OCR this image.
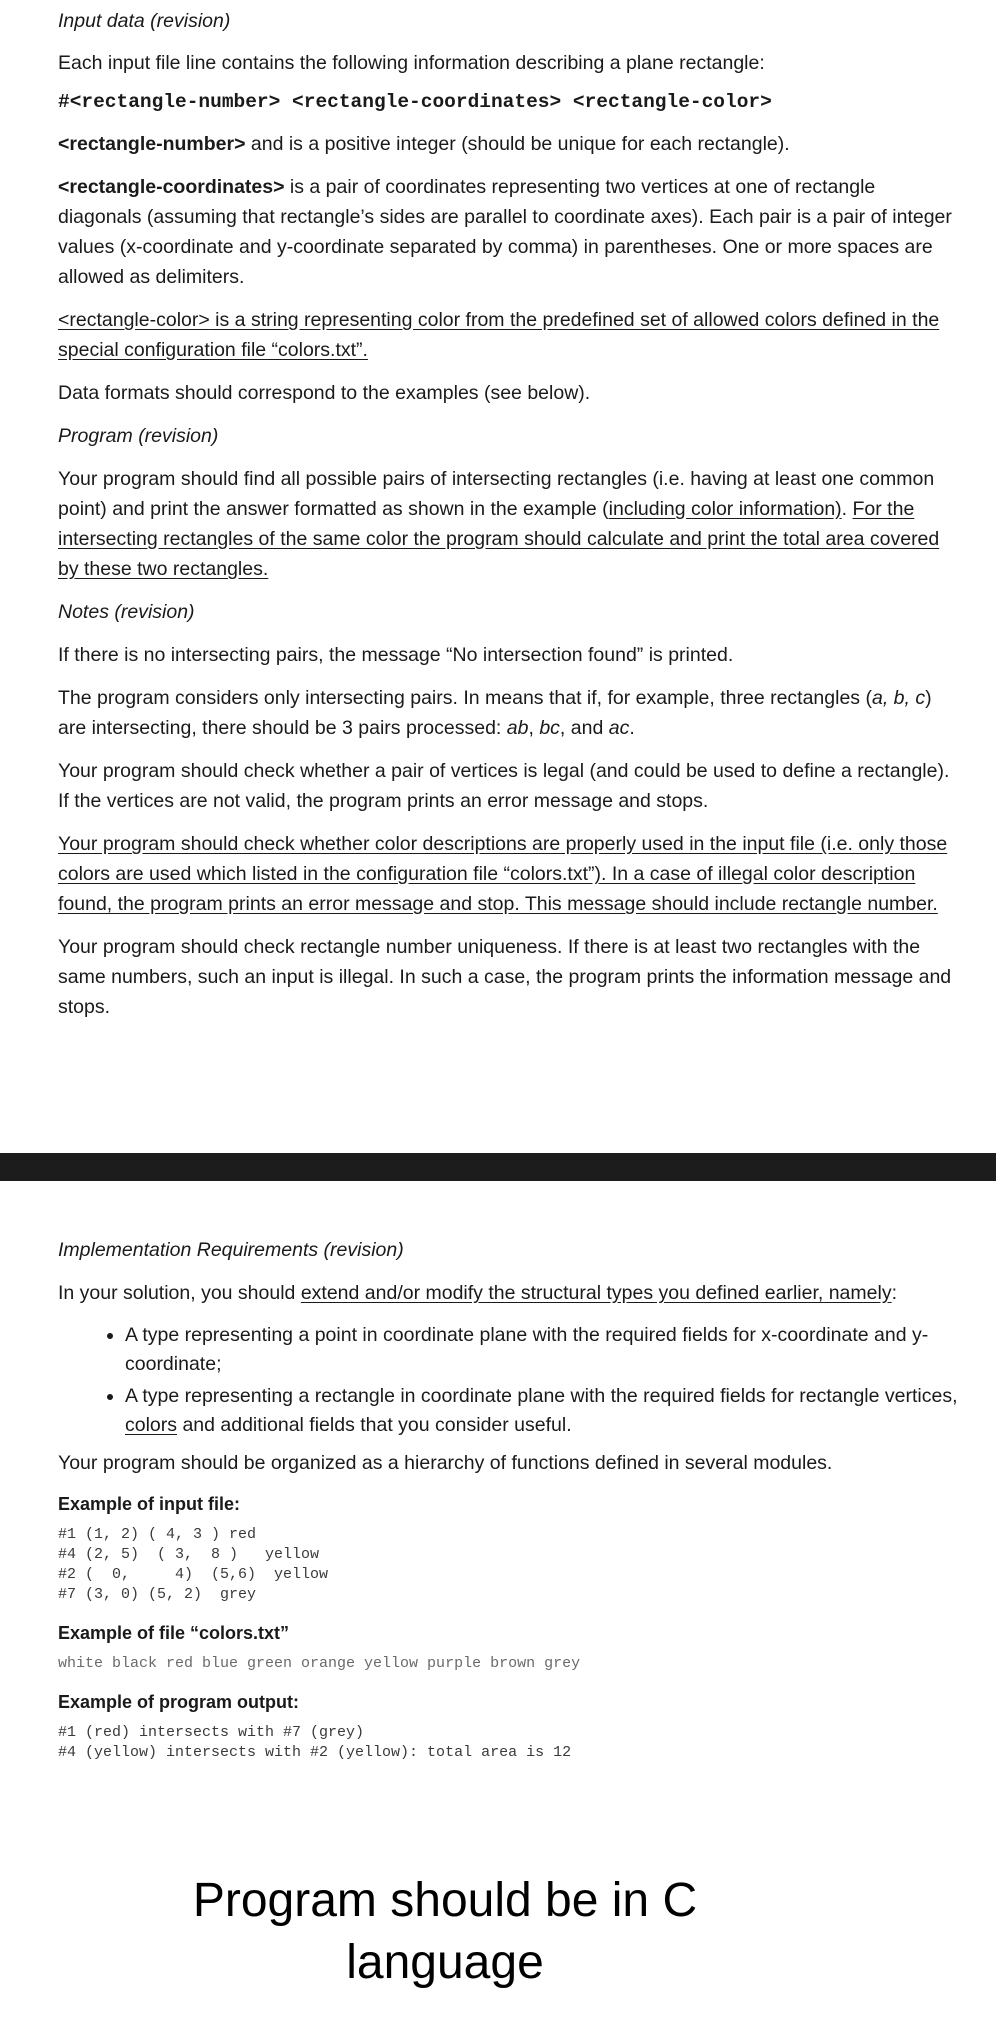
Input data (revision)

Each input file line contains the following information describing a plane rectangle:

#<rectangle-number> <rectangle-coordinates> <rectangle-color>

<rectangle-number> and is a positive integer (should be unique for each rectangle).

<rectangle-coordinates> is a pair of coordinates representing two vertices at one of rectangle diagonals (assuming that rectangle’s sides are parallel to coordinate axes). Each pair is a pair of integer values (x-coordinate and y-coordinate separated by comma) in parentheses. One or more spaces are allowed as delimiters.

<rectangle-color> is a string representing color from the predefined set of allowed colors defined in the special configuration file “colors.txt”.

Data formats should correspond to the examples (see below).

Program (revision)

Your program should find all possible pairs of intersecting rectangles (i.e. having at least one common point) and print the answer formatted as shown in the example (including color information). For the intersecting rectangles of the same color the program should calculate and print the total area covered by these two rectangles.

Notes (revision)

If there is no intersecting pairs, the message “No intersection found” is printed.

The program considers only intersecting pairs. In means that if, for example, three rectangles (a, b, c) are intersecting, there should be 3 pairs processed: ab, bc, and ac.

Your program should check whether a pair of vertices is legal (and could be used to define a rectangle). If the vertices are not valid, the program prints an error message and stops.

Your program should check whether color descriptions are properly used in the input file (i.e. only those colors are used which listed in the configuration file “colors.txt”). In a case of illegal color description found, the program prints an error message and stop. This message should include rectangle number.

Your program should check rectangle number uniqueness. If there is at least two rectangles with the same numbers, such an input is illegal. In such a case, the program prints the information message and stops.

Implementation Requirements (revision)

In your solution, you should extend and/or modify the structural types you defined earlier, namely:

• A type representing a point in coordinate plane with the required fields for x-coordinate and y-coordinate;
• A type representing a rectangle in coordinate plane with the required fields for rectangle vertices, colors and additional fields that you consider useful.

Your program should be organized as a hierarchy of functions defined in several modules.

Example of input file:

#1 (1, 2) ( 4, 3 ) red
#4 (2, 5)  ( 3,  8 )   yellow
#2 (  0,     4)  (5,6)  yellow
#7 (3, 0) (5, 2)  grey

Example of file “colors.txt”

white black red blue green orange yellow purple brown grey

Example of program output:

#1 (red) intersects with #7 (grey)
#4 (yellow) intersects with #2 (yellow): total area is 12
Program should be in C
language
